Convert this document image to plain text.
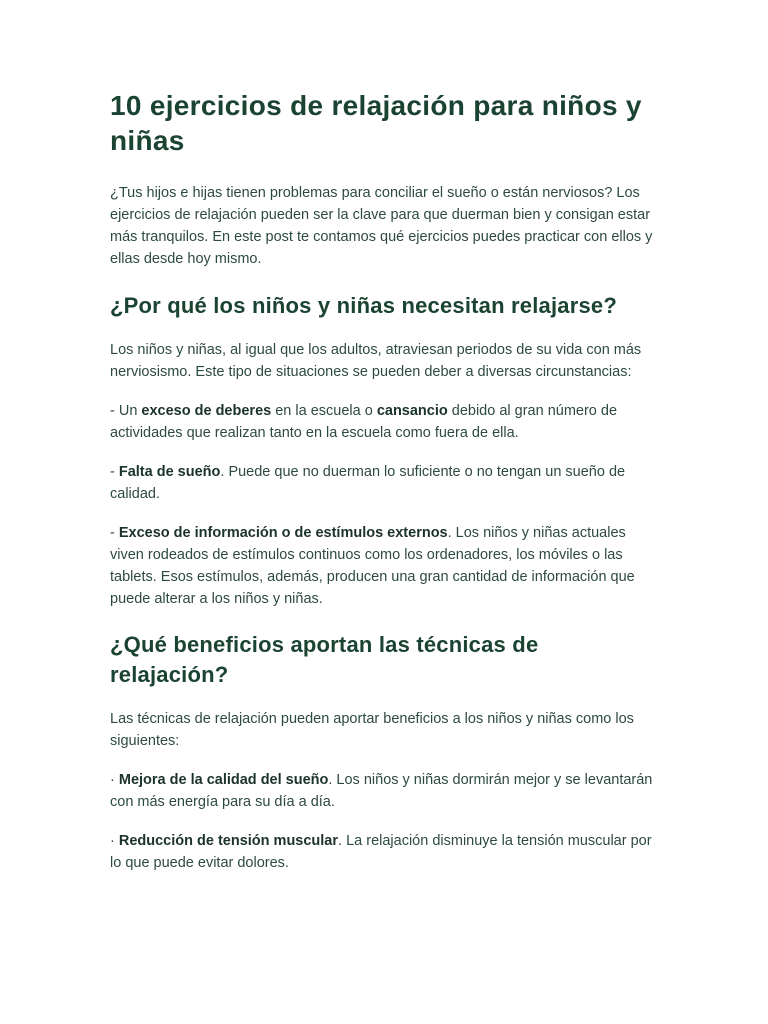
10 ejercicios de relajación para niños y niñas

¿Tus hijos e hijas tienen problemas para conciliar el sueño o están nerviosos? Los ejercicios de relajación pueden ser la clave para que duerman bien y consigan estar más tranquilos. En este post te contamos qué ejercicios puedes practicar con ellos y ellas desde hoy mismo.

¿Por qué los niños y niñas necesitan relajarse?

Los niños y niñas, al igual que los adultos, atraviesan periodos de su vida con más nerviosismo. Este tipo de situaciones se pueden deber a diversas circunstancias:

- Un exceso de deberes en la escuela o cansancio debido al gran número de actividades que realizan tanto en la escuela como fuera de ella.

- Falta de sueño. Puede que no duerman lo suficiente o no tengan un sueño de calidad.

- Exceso de información o de estímulos externos. Los niños y niñas actuales viven rodeados de estímulos continuos como los ordenadores, los móviles o las tablets. Esos estímulos, además, producen una gran cantidad de información que puede alterar a los niños y niñas.

¿Qué beneficios aportan las técnicas de relajación?

Las técnicas de relajación pueden aportar beneficios a los niños y niñas como los siguientes:

· Mejora de la calidad del sueño. Los niños y niñas dormirán mejor y se levantarán con más energía para su día a día.

· Reducción de tensión muscular. La relajación disminuye la tensión muscular por lo que puede evitar dolores.
